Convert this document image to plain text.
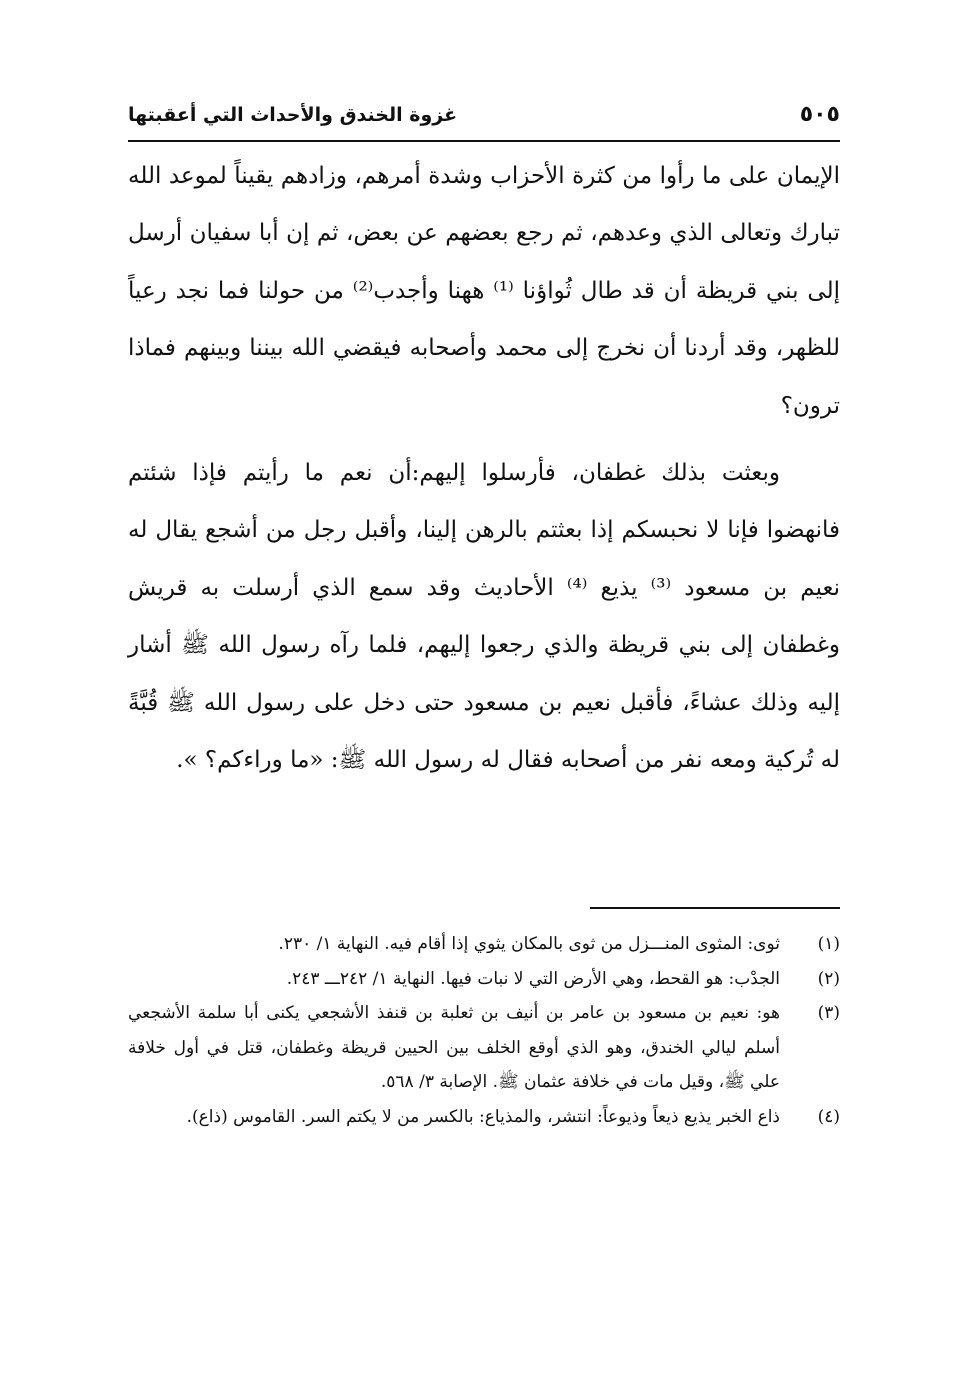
٥٠٥
غزوة الخندق والأحداث التي أعقبتها

الإيمان على ما رأوا من كثرة الأحزاب وشدة أمرهم، وزادهم يقيناً لموعد الله تبارك وتعالى الذي وعدهم، ثم رجع بعضهم عن بعض، ثم إن أبا سفيان أرسل إلى بني قريظة أن قد طال ثُواؤنا ⁽¹⁾ ههنا وأجدب⁽²⁾ من حولنا فما نجد رعياً للظهر، وقد أردنا أن نخرج إلى محمد وأصحابه فيقضي الله بيننا وبينهم فماذا ترون؟

وبعثت بذلك غطفان، فأرسلوا إليهم:أن نعم ما رأيتم فإذا شئتم فانهضوا فإنا لا نحبسكم إذا بعثتم بالرهن إلينا، وأقبل رجل من أشجع يقال له نعيم بن مسعود ⁽³⁾ يذيع ⁽⁴⁾ الأحاديث وقد سمع الذي أرسلت به قريش وغطفان إلى بني قريظة والذي رجعوا إليهم، فلما رآه رسول الله ﷺ أشار إليه وذلك عشاءً، فأقبل نعيم بن مسعود حتى دخل على رسول الله ﷺ قُبَّةً له تُركية ومعه نفر من أصحابه فقال له رسول الله ﷺ: «ما وراءكم؟ ».

(١)
ثوى: المثوى المنـــزل من ثوى بالمكان يثوي إذا أقام فيه. النهاية ١/ ٢٣٠.
(٢)
الجدْب: هو القحط، وهي الأرض التي لا نبات فيها. النهاية ١/ ٢٤٢ـــ ٢٤٣.
(٣)
هو: نعيم بن مسعود بن عامر بن أنيف بن ثعلبة بن قنفذ الأشجعي يكنى أبا سلمة الأشجعي أسلم ليالي الخندق، وهو الذي أوقع الخلف بين الحيين قريظة وغطفان، قتل في أول خلافة علي ﷺ، وقيل مات في خلافة عثمان ﷺ. الإصابة ٣/ ٥٦٨.
(٤)
ذاع الخبر يذيع ذيعاً وذيوعاً: انتشر، والمذياع: بالكسر من لا يكتم السر. القاموس (ذاع).
